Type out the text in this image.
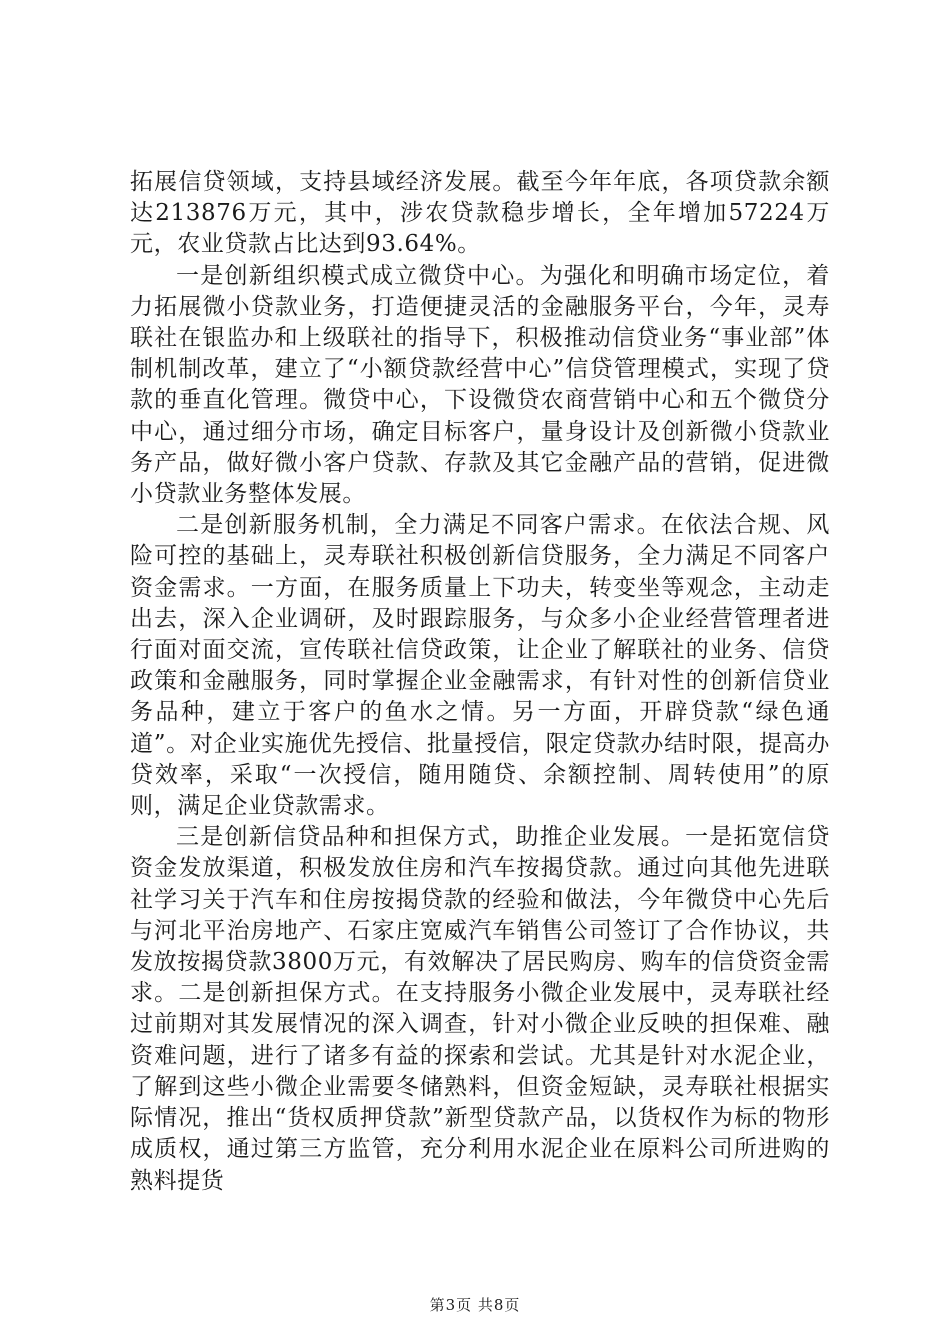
拓展信贷领域，支持县域经济发展。截至今年年底，各项贷款余额达213876万元，其中，涉农贷款稳步增长，全年增加57224万元，农业贷款占比达到93.64%。

一是创新组织模式成立微贷中心。为强化和明确市场定位，着力拓展微小贷款业务，打造便捷灵活的金融服务平台，今年，灵寿联社在银监办和上级联社的指导下，积极推动信贷业务“事业部”体制机制改革，建立了“小额贷款经营中心”信贷管理模式，实现了贷款的垂直化管理。微贷中心，下设微贷农商营销中心和五个微贷分中心，通过细分市场，确定目标客户，量身设计及创新微小贷款业务产品，做好微小客户贷款、存款及其它金融产品的营销，促进微小贷款业务整体发展。

二是创新服务机制，全力满足不同客户需求。在依法合规、风险可控的基础上，灵寿联社积极创新信贷服务，全力满足不同客户资金需求。一方面，在服务质量上下功夫，转变坐等观念，主动走出去，深入企业调研，及时跟踪服务，与众多小企业经营管理者进行面对面交流，宣传联社信贷政策，让企业了解联社的业务、信贷政策和金融服务，同时掌握企业金融需求，有针对性的创新信贷业务品种，建立于客户的鱼水之情。另一方面，开辟贷款“绿色通道”。对企业实施优先授信、批量授信，限定贷款办结时限，提高办贷效率，采取“一次授信，随用随贷、余额控制、周转使用”的原则，满足企业贷款需求。

三是创新信贷品种和担保方式，助推企业发展。一是拓宽信贷资金发放渠道，积极发放住房和汽车按揭贷款。通过向其他先进联社学习关于汽车和住房按揭贷款的经验和做法，今年微贷中心先后与河北平治房地产、石家庄宽威汽车销售公司签订了合作协议，共发放按揭贷款3800万元，有效解决了居民购房、购车的信贷资金需求。二是创新担保方式。在支持服务小微企业发展中，灵寿联社经过前期对其发展情况的深入调查，针对小微企业反映的担保难、融资难问题，进行了诸多有益的探索和尝试。尤其是针对水泥企业，了解到这些小微企业需要冬储熟料，但资金短缺，灵寿联社根据实际情况，推出“货权质押贷款”新型贷款产品，以货权作为标的物形成质权，通过第三方监管，充分利用水泥企业在原料公司所进购的熟料提货

第3页 共8页
